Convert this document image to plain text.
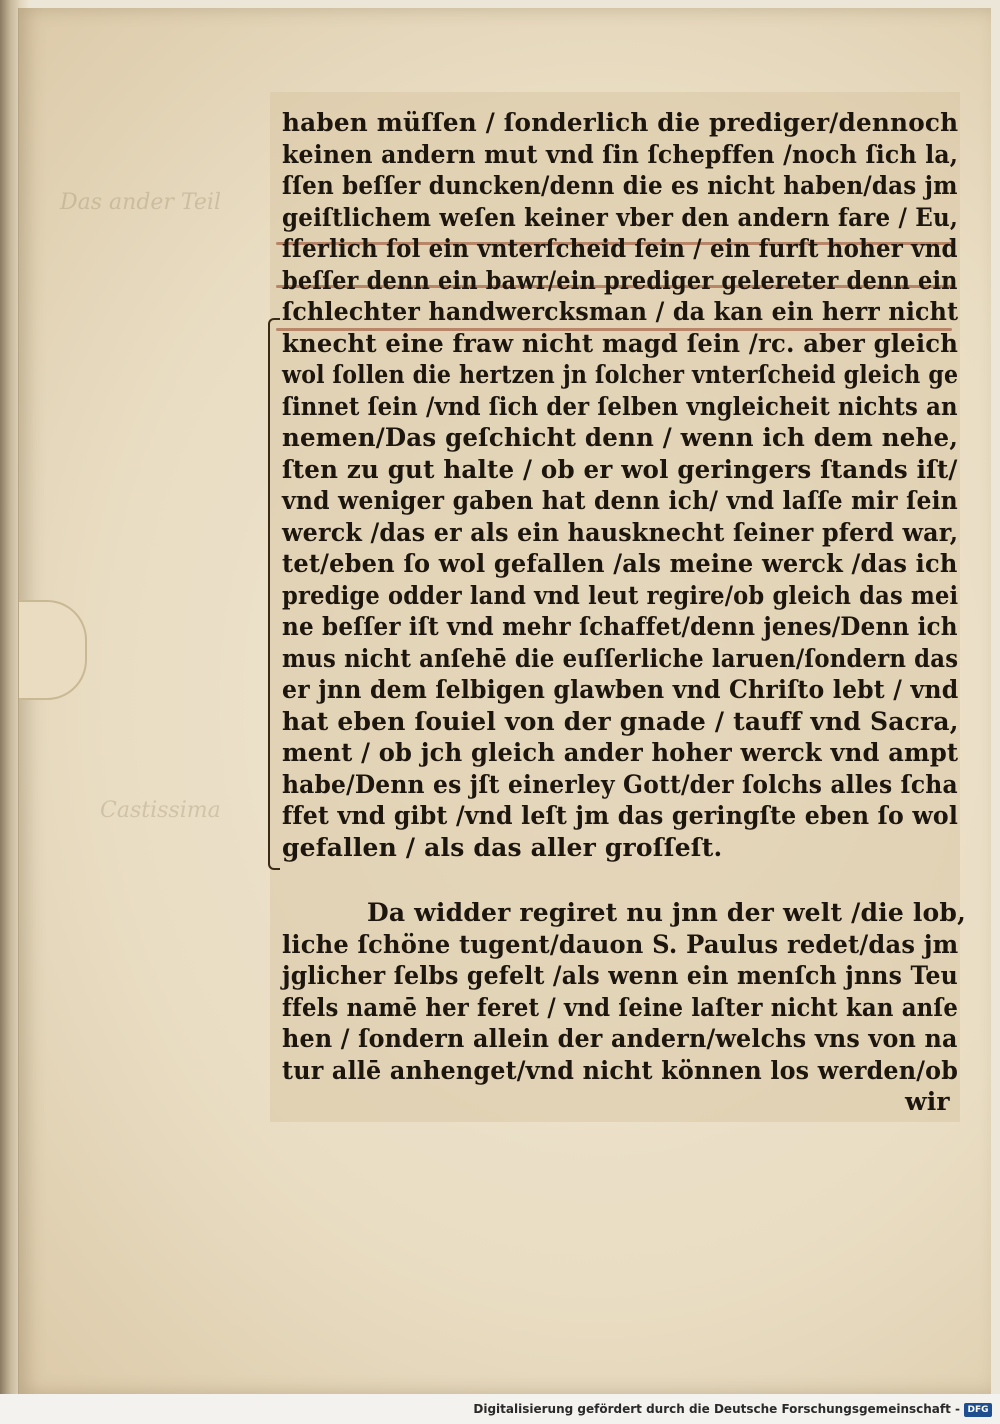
Das ander Teil
Castissima
haben müſſen / ſonderlich die prediger/dennoch
keinen andern mut vnd ſin ſchepffen /noch ſich la,
ſſen beſſer duncken/denn die es nicht haben/das jm
geiſtlichem weſen keiner vber den andern fare / Eu,
ſſerlich ſol ein vnterſcheid ſein / ein furſt hoher vnd
beſſer denn ein bawr/ein prediger gelereter denn ein
ſchlechter handwercksman / da kan ein herr nicht
knecht eine fraw nicht magd ſein /rc. aber gleich
wol ſollen die hertzen jn ſolcher vnterſcheid gleich ge
ſinnet ſein /vnd ſich der ſelben vngleicheit nichts an
nemen/Das geſchicht denn / wenn ich dem nehe,
ſten zu gut halte / ob er wol geringers ſtands iſt/
vnd weniger gaben hat denn ich/ vnd laſſe mir ſein
werck /das er als ein hausknecht ſeiner pferd war,
tet/eben ſo wol gefallen /als meine werck /das ich
predige odder land vnd leut regire/ob gleich das mei
ne beſſer iſt vnd mehr ſchaffet/denn jenes/Denn ich
mus nicht anſehē die euſſerliche laruen/ſondern das
er jnn dem ſelbigen glawben vnd Chriſto lebt / vnd
hat eben ſouiel von der gnade / tauff vnd Sacra,
ment / ob jch gleich ander hoher werck vnd ampt
habe/Denn es jſt einerley Gott/der ſolchs alles ſcha
ffet vnd gibt /vnd leſt jm das geringſte eben ſo wol
gefallen / als das aller groſſeſt.
Da widder regiret nu jnn der welt /die lob,
liche ſchöne tugent/dauon S. Paulus redet/das jm
jglicher ſelbs gefelt /als wenn ein menſch jnns Teu
ffels namē her feret / vnd ſeine laſter nicht kan anſe
hen / ſondern allein der andern/welchs vns von na
tur allē anhenget/vnd nicht können los werden/ob
wir
Digitalisierung gefördert durch die Deutsche Forschungsgemeinschaft - DFG
